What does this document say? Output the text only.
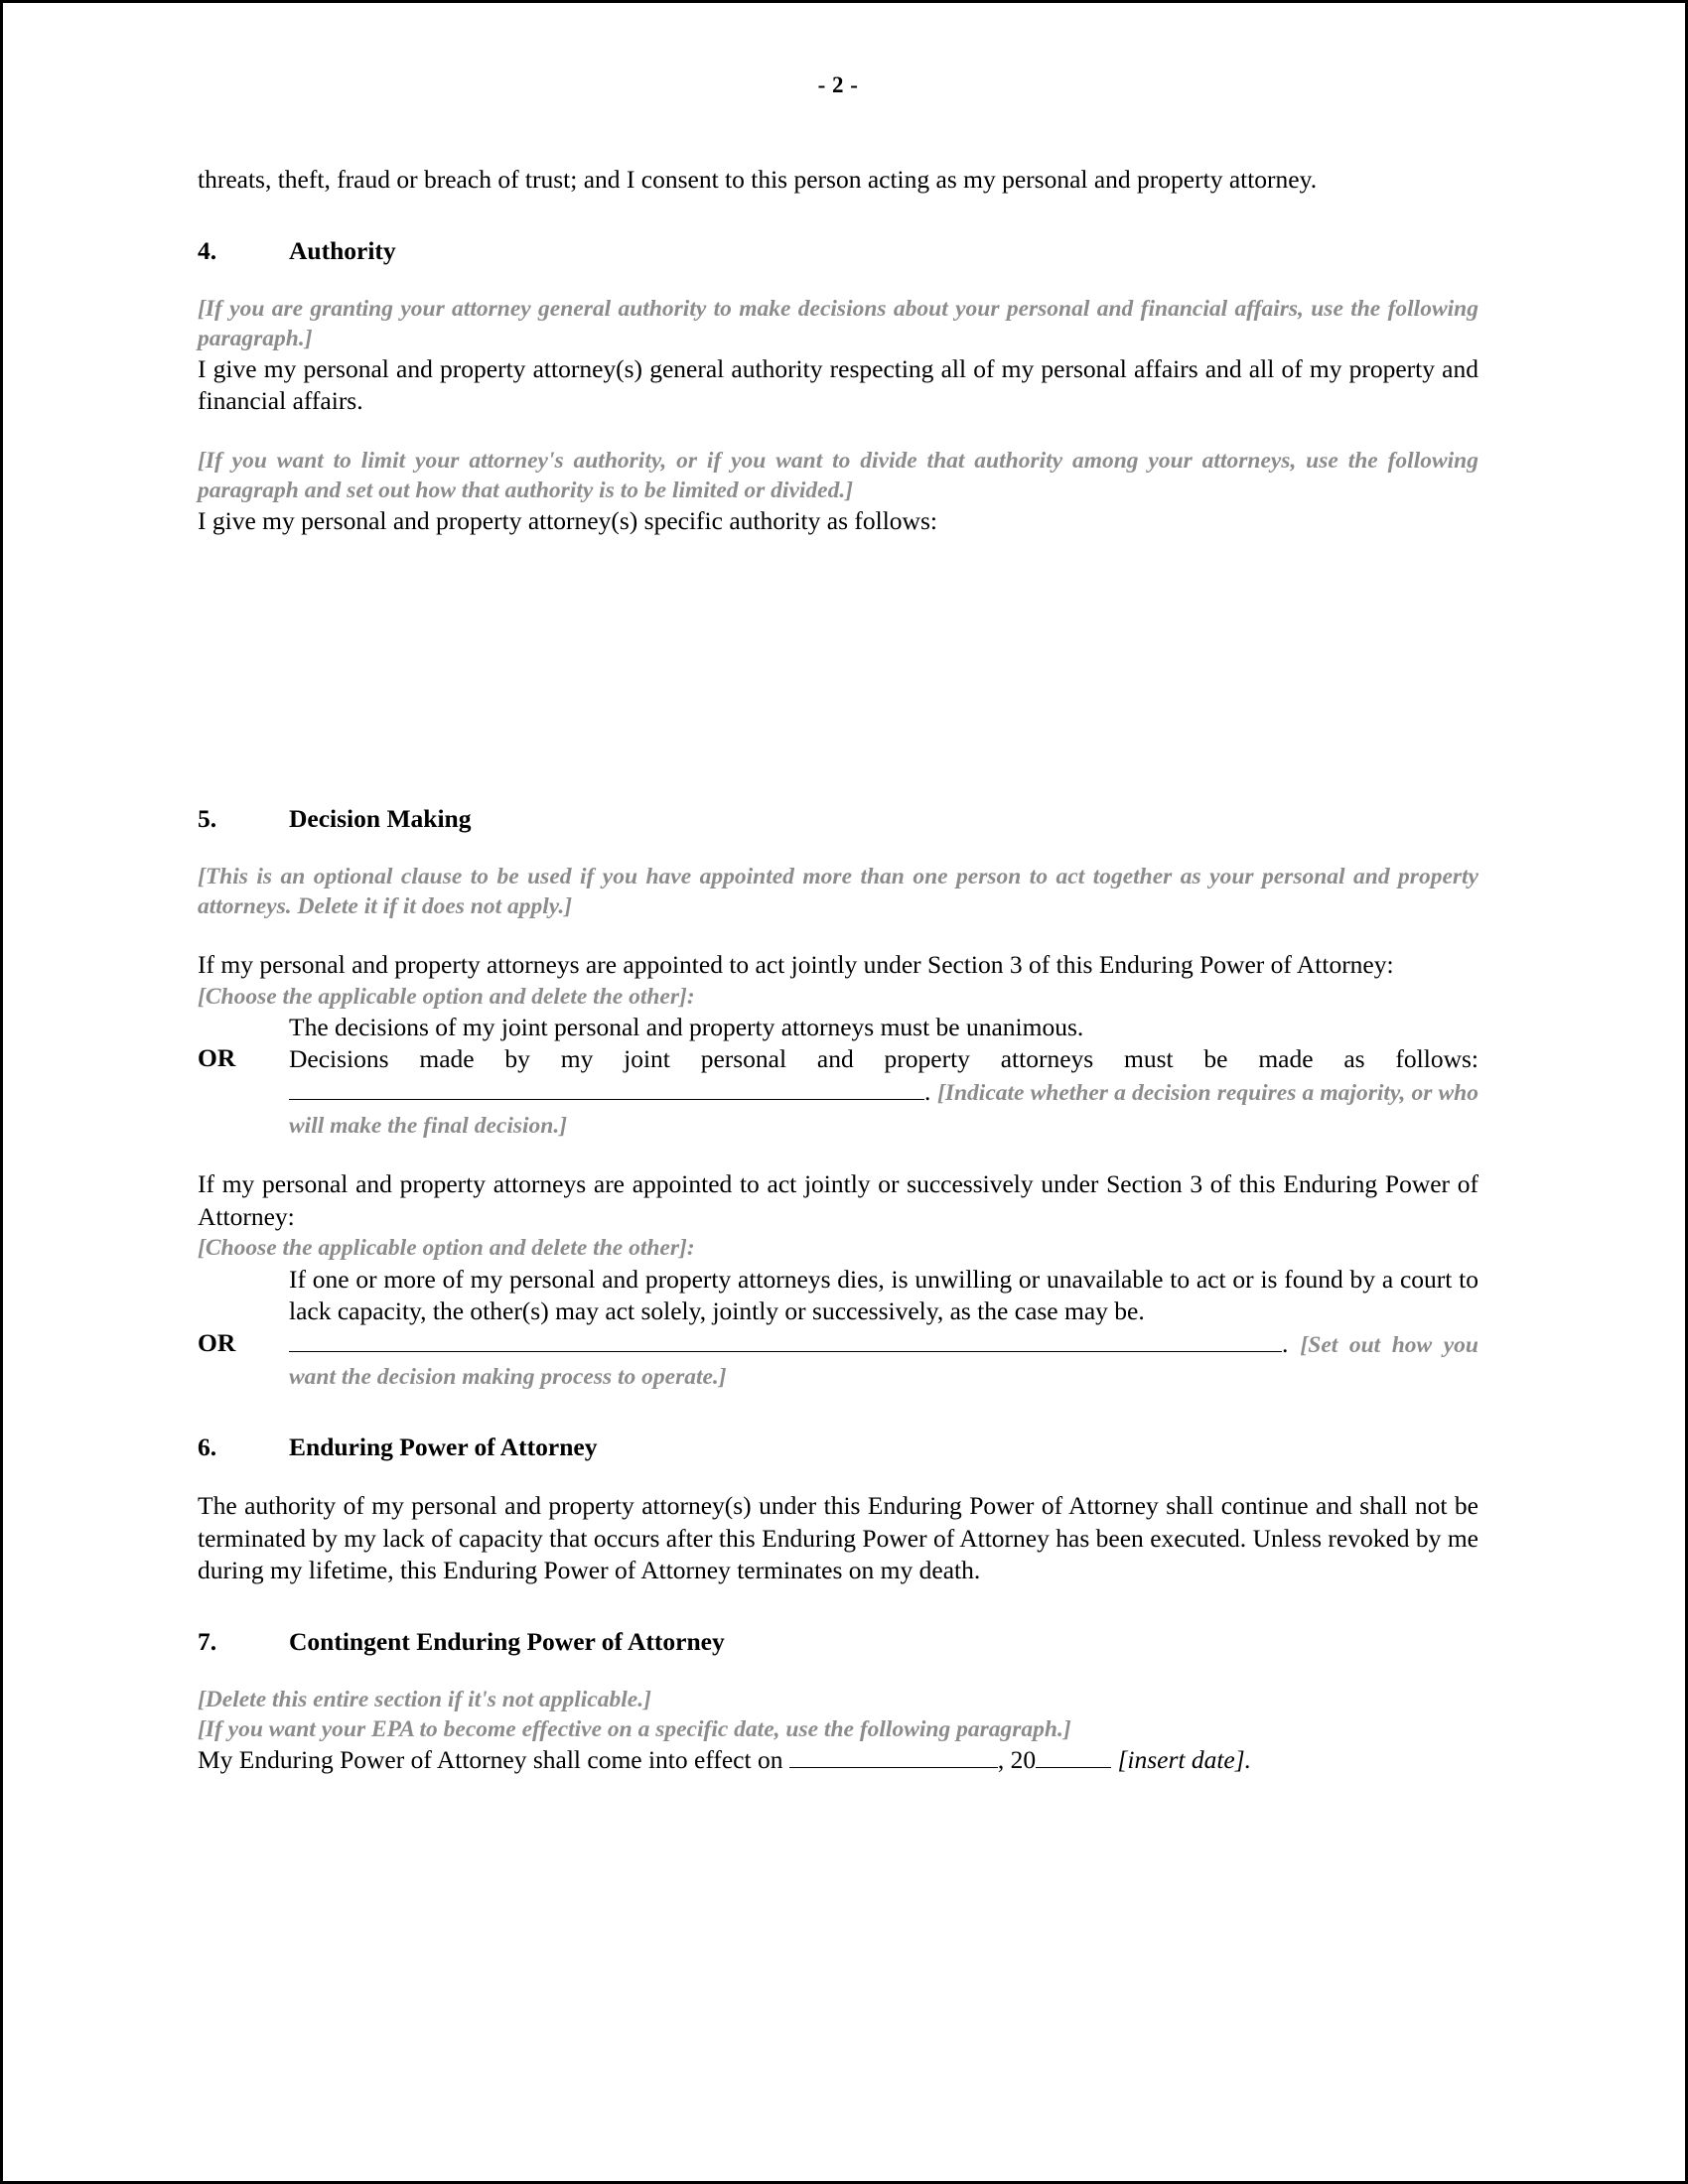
- 2 -

threats, theft, fraud or breach of trust; and I consent to this person acting as my personal and property attorney.

4.	Authority

[If you are granting your attorney general authority to make decisions about your personal and financial affairs, use the following paragraph.]

I give my personal and property attorney(s) general authority respecting all of my personal affairs and all of my property and financial affairs.

[If you want to limit your attorney's authority, or if you want to divide that authority among your attorneys, use the following paragraph and set out how that authority is to be limited or divided.]

I give my personal and property attorney(s) specific authority as follows:

5.	Decision Making

[This is an optional clause to be used if you have appointed more than one person to act together as your personal and property attorneys. Delete it if it does not apply.]

If my personal and property attorneys are appointed to act jointly under Section 3 of this Enduring Power of Attorney:

[Choose the applicable option and delete the other]:

The decisions of my joint personal and property attorneys must be unanimous.

OR	Decisions made by my joint personal and property attorneys must be made as follows:

. [Indicate whether a decision requires a majority, or who will make the final decision.]

If my personal and property attorneys are appointed to act jointly or successively under Section 3 of this Enduring Power of Attorney:

[Choose the applicable option and delete the other]:

If one or more of my personal and property attorneys dies, is unwilling or unavailable to act or is found by a court to lack capacity, the other(s) may act solely, jointly or successively, as the case may be.

OR	. [Set out how you want the decision making process to operate.]

6.	Enduring Power of Attorney

The authority of my personal and property attorney(s) under this Enduring Power of Attorney shall continue and shall not be terminated by my lack of capacity that occurs after this Enduring Power of Attorney has been executed. Unless revoked by me during my lifetime, this Enduring Power of Attorney terminates on my death.

7.	Contingent Enduring Power of Attorney

[Delete this entire section if it's not applicable.]

[If you want your EPA to become effective on a specific date, use the following paragraph.]

My Enduring Power of Attorney shall come into effect on	, 20	[insert date].
